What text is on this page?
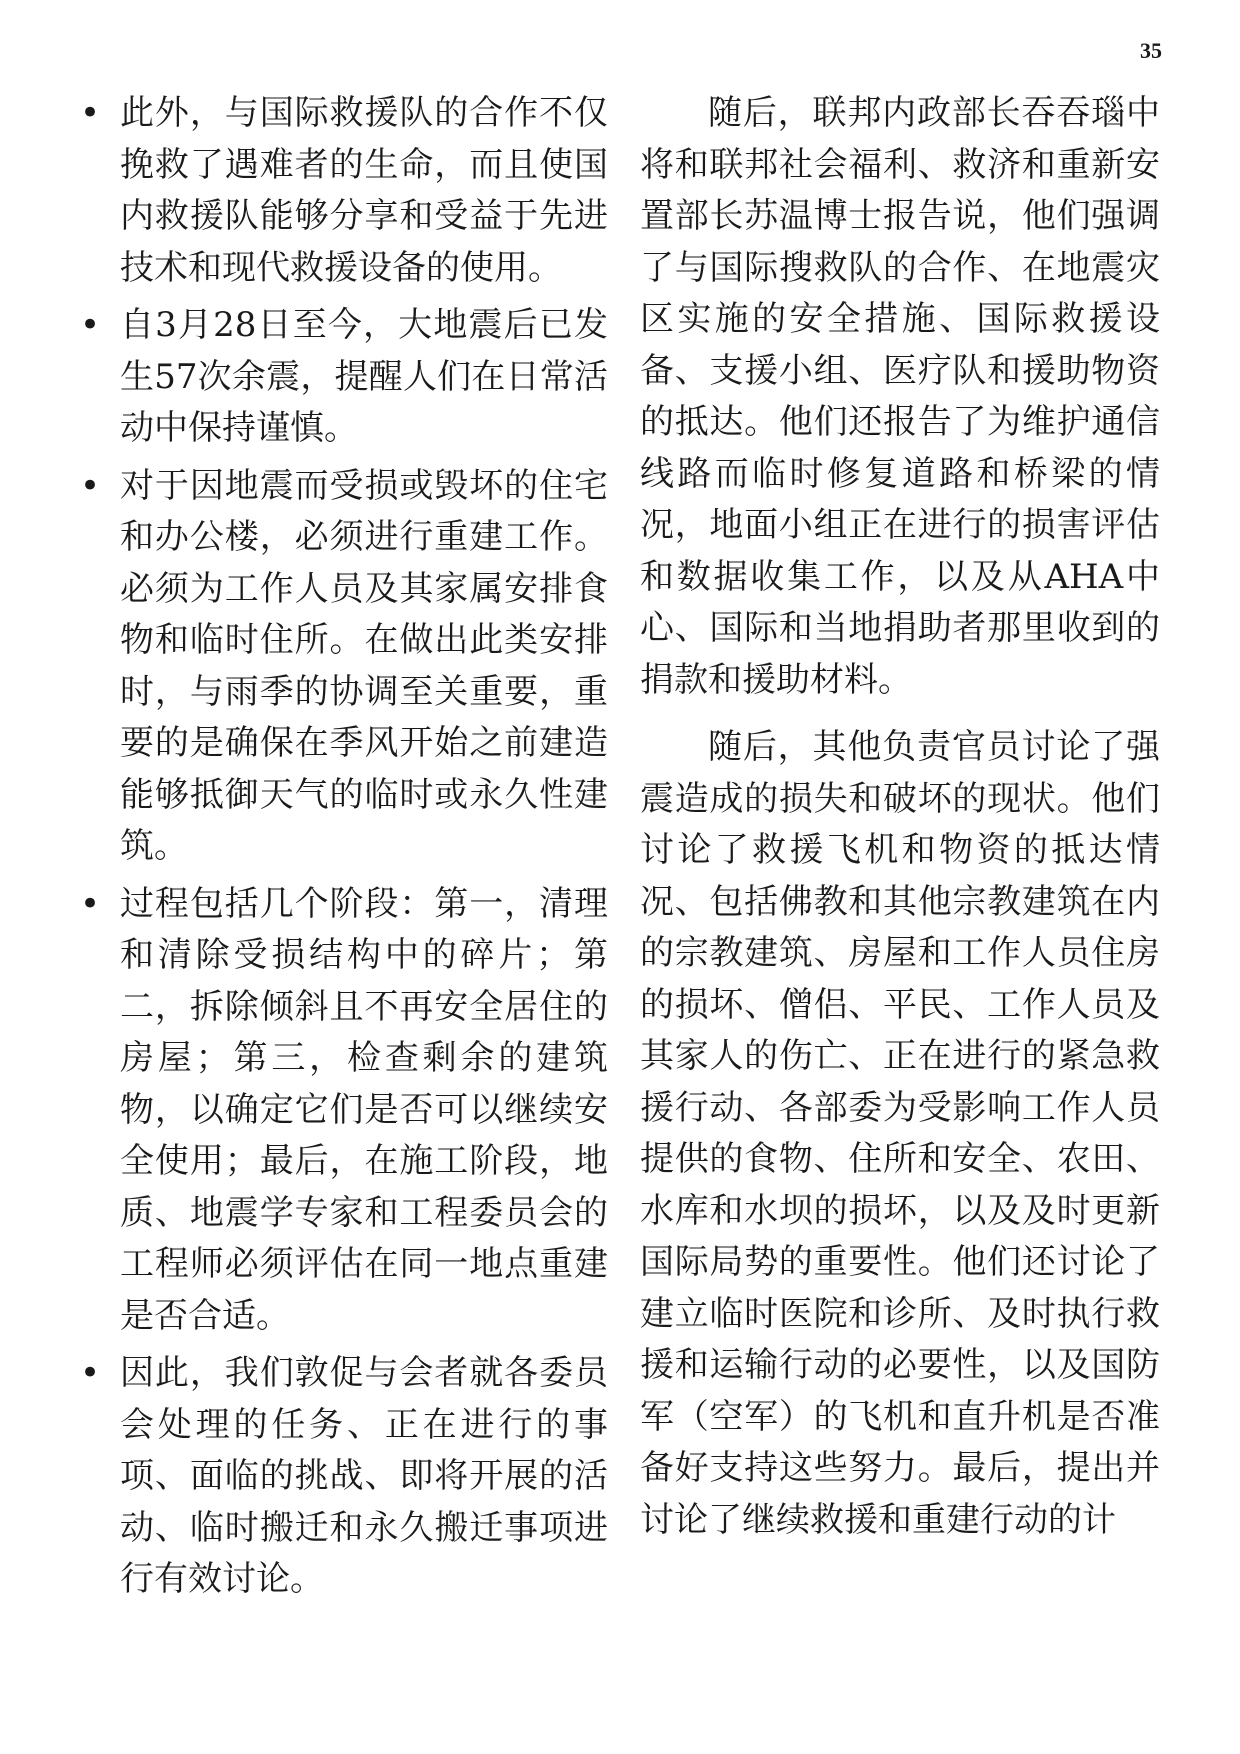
35
• 此外，与国际救援队的合作不仅挽救了遇难者的生命，而且使国内救援队能够分享和受益于先进技术和现代救援设备的使用。
• 自3月28日至今，大地震后已发生57次余震，提醒人们在日常活动中保持谨慎。
• 对于因地震而受损或毁坏的住宅和办公楼，必须进行重建工作。必须为工作人员及其家属安排食物和临时住所。在做出此类安排时，与雨季的协调至关重要，重要的是确保在季风开始之前建造能够抵御天气的临时或永久性建筑。
• 过程包括几个阶段：第一，清理和清除受损结构中的碎片；第二，拆除倾斜且不再安全居住的房屋；第三，检查剩余的建筑物，以确定它们是否可以继续安全使用；最后，在施工阶段，地质、地震学专家和工程委员会的工程师必须评估在同一地点重建是否合适。
• 因此，我们敦促与会者就各委员会处理的任务、正在进行的事项、面临的挑战、即将开展的活动、临时搬迁和永久搬迁事项进行有效讨论。

随后，联邦内政部长吞吞瑙中将和联邦社会福利、救济和重新安置部长苏温博士报告说，他们强调了与国际搜救队的合作、在地震灾区实施的安全措施、国际救援设备、支援小组、医疗队和援助物资的抵达。他们还报告了为维护通信线路而临时修复道路和桥梁的情况，地面小组正在进行的损害评估和数据收集工作，以及从AHA中心、国际和当地捐助者那里收到的捐款和援助材料。

随后，其他负责官员讨论了强震造成的损失和破坏的现状。他们讨论了救援飞机和物资的抵达情况、包括佛教和其他宗教建筑在内的宗教建筑、房屋和工作人员住房的损坏、僧侣、平民、工作人员及其家人的伤亡、正在进行的紧急救援行动、各部委为受影响工作人员提供的食物、住所和安全、农田、水库和水坝的损坏，以及及时更新国际局势的重要性。他们还讨论了建立临时医院和诊所、及时执行救援和运输行动的必要性，以及国防军（空军）的飞机和直升机是否准备好支持这些努力。最后，提出并讨论了继续救援和重建行动的计
